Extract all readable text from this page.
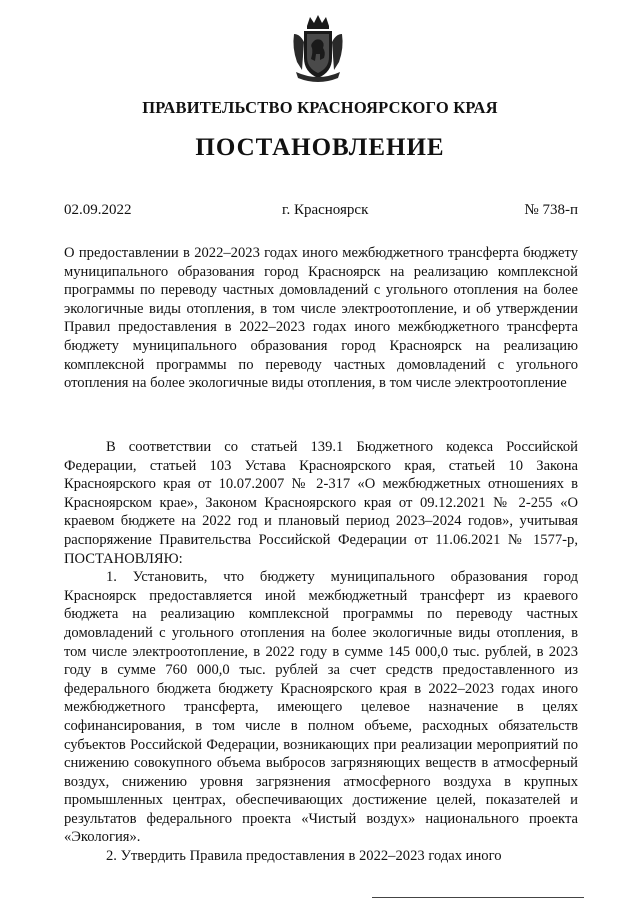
ПРАВИТЕЛЬСТВО КРАСНОЯРСКОГО КРАЯ
ПОСТАНОВЛЕНИЕ
02.09.2022	г. Красноярск	№ 738-п
О предоставлении в 2022–2023 годах иного межбюджетного трансферта бюджету муниципального образования город Красноярск на реализацию комплексной программы по переводу частных домовладений с угольного отопления на более экологичные виды отопления, в том числе электроотопление, и об утверждении Правил предоставления в 2022–2023 годах иного межбюджетного трансферта бюджету муниципального образования город Красноярск на реализацию комплексной программы по переводу частных домовладений с угольного отопления на более экологичные виды отопления, в том числе электроотопление

В соответствии со статьей 139.1 Бюджетного кодекса Российской Федерации, статьей 103 Устава Красноярского края, статьей 10 Закона Красноярского края от 10.07.2007 № 2-317 «О межбюджетных отношениях в Красноярском крае», Законом Красноярского края от 09.12.2021 № 2-255 «О краевом бюджете на 2022 год и плановый период 2023–2024 годов», учитывая распоряжение Правительства Российской Федерации от 11.06.2021 № 1577-р, ПОСТАНОВЛЯЮ:

1. Установить, что бюджету муниципального образования город Красноярск предоставляется иной межбюджетный трансферт из краевого бюджета на реализацию комплексной программы по переводу частных домовладений с угольного отопления на более экологичные виды отопления, в том числе электроотопление, в 2022 году в сумме 145 000,0 тыс. рублей, в 2023 году в сумме 760 000,0 тыс. рублей за счет средств предоставленного из федерального бюджета бюджету Красноярского края в 2022–2023 годах иного межбюджетного трансферта, имеющего целевое назначение в целях софинансирования, в том числе в полном объеме, расходных обязательств субъектов Российской Федерации, возникающих при реализации мероприятий по снижению совокупного объема выбросов загрязняющих веществ в атмосферный воздух, снижению уровня загрязнения атмосферного воздуха в крупных промышленных центрах, обеспечивающих достижение целей, показателей и результатов федерального проекта «Чистый воздух» национального проекта «Экология».

2. Утвердить Правила предоставления в 2022–2023 годах иного
